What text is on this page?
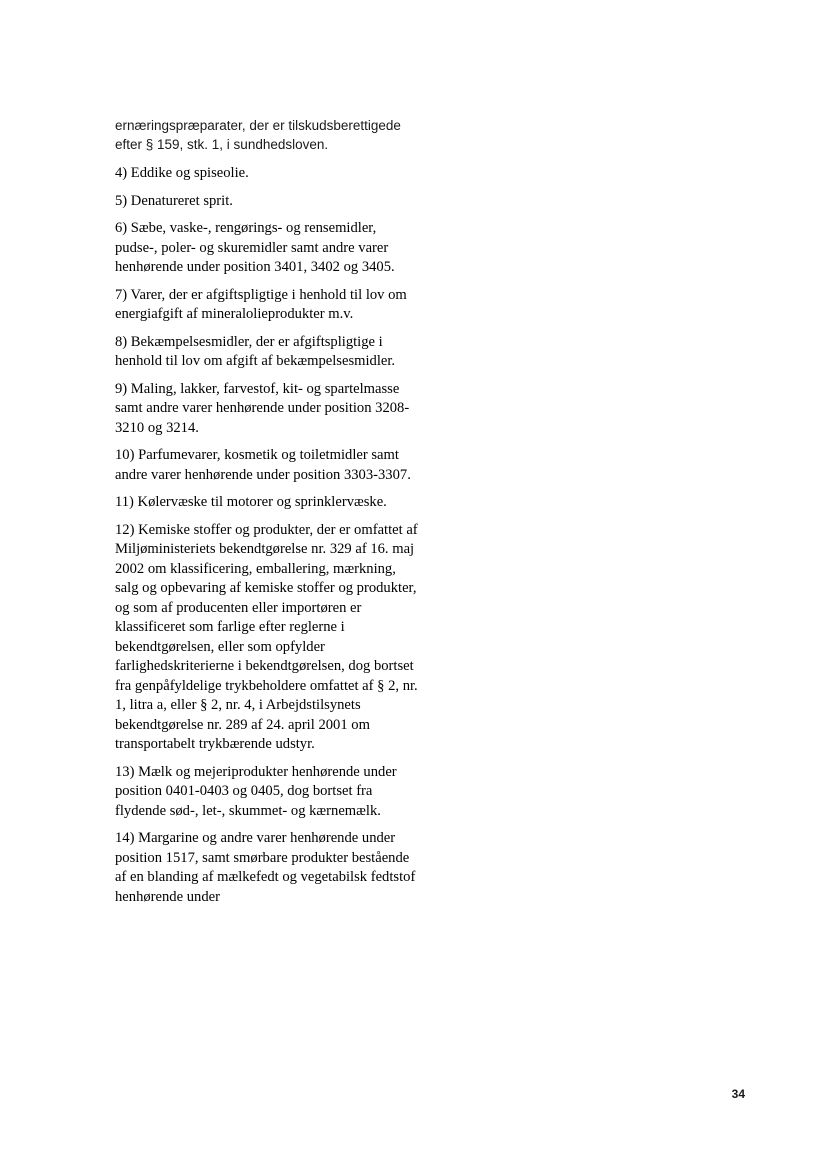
ernæringspræparater, der er tilskudsberettigede efter § 159, stk. 1, i sundhedsloven.

4) Eddike og spiseolie.

5) Denatureret sprit.

6) Sæbe, vaske-, rengørings- og rensemidler, pudse-, poler- og skuremidler samt andre varer henhørende under position 3401, 3402 og 3405.

7) Varer, der er afgiftspligtige i henhold til lov om energiafgift af mineralolieprodukter m.v.

8) Bekæmpelsesmidler, der er afgiftspligtige i henhold til lov om afgift af bekæmpelsesmidler.

9) Maling, lakker, farvestof, kit- og spartelmasse samt andre varer henhørende under position 3208-3210 og 3214.

10) Parfumevarer, kosmetik og toiletmidler samt andre varer henhørende under position 3303-3307.

11) Kølervæske til motorer og sprinklervæske.

12) Kemiske stoffer og produkter, der er omfattet af Miljøministeriets bekendtgørelse nr. 329 af 16. maj 2002 om klassificering, emballering, mærkning, salg og opbevaring af kemiske stoffer og produkter, og som af producenten eller importøren er klassificeret som farlige efter reglerne i bekendtgørelsen, eller som opfylder farlighedskriterierne i bekendtgørelsen, dog bortset fra genpåfyldelige trykbeholdere omfattet af § 2, nr. 1, litra a, eller § 2, nr. 4, i Arbejdstilsynets bekendtgørelse nr. 289 af 24. april 2001 om transportabelt trykbærende udstyr.

13) Mælk og mejeriprodukter henhørende under position 0401-0403 og 0405, dog bortset fra flydende sød-, let-, skummet- og kærnemælk.

14) Margarine og andre varer henhørende under position 1517, samt smørbare produkter bestående af en blanding af mælkefedt og vegetabilsk fedtstof henhørende under

34
